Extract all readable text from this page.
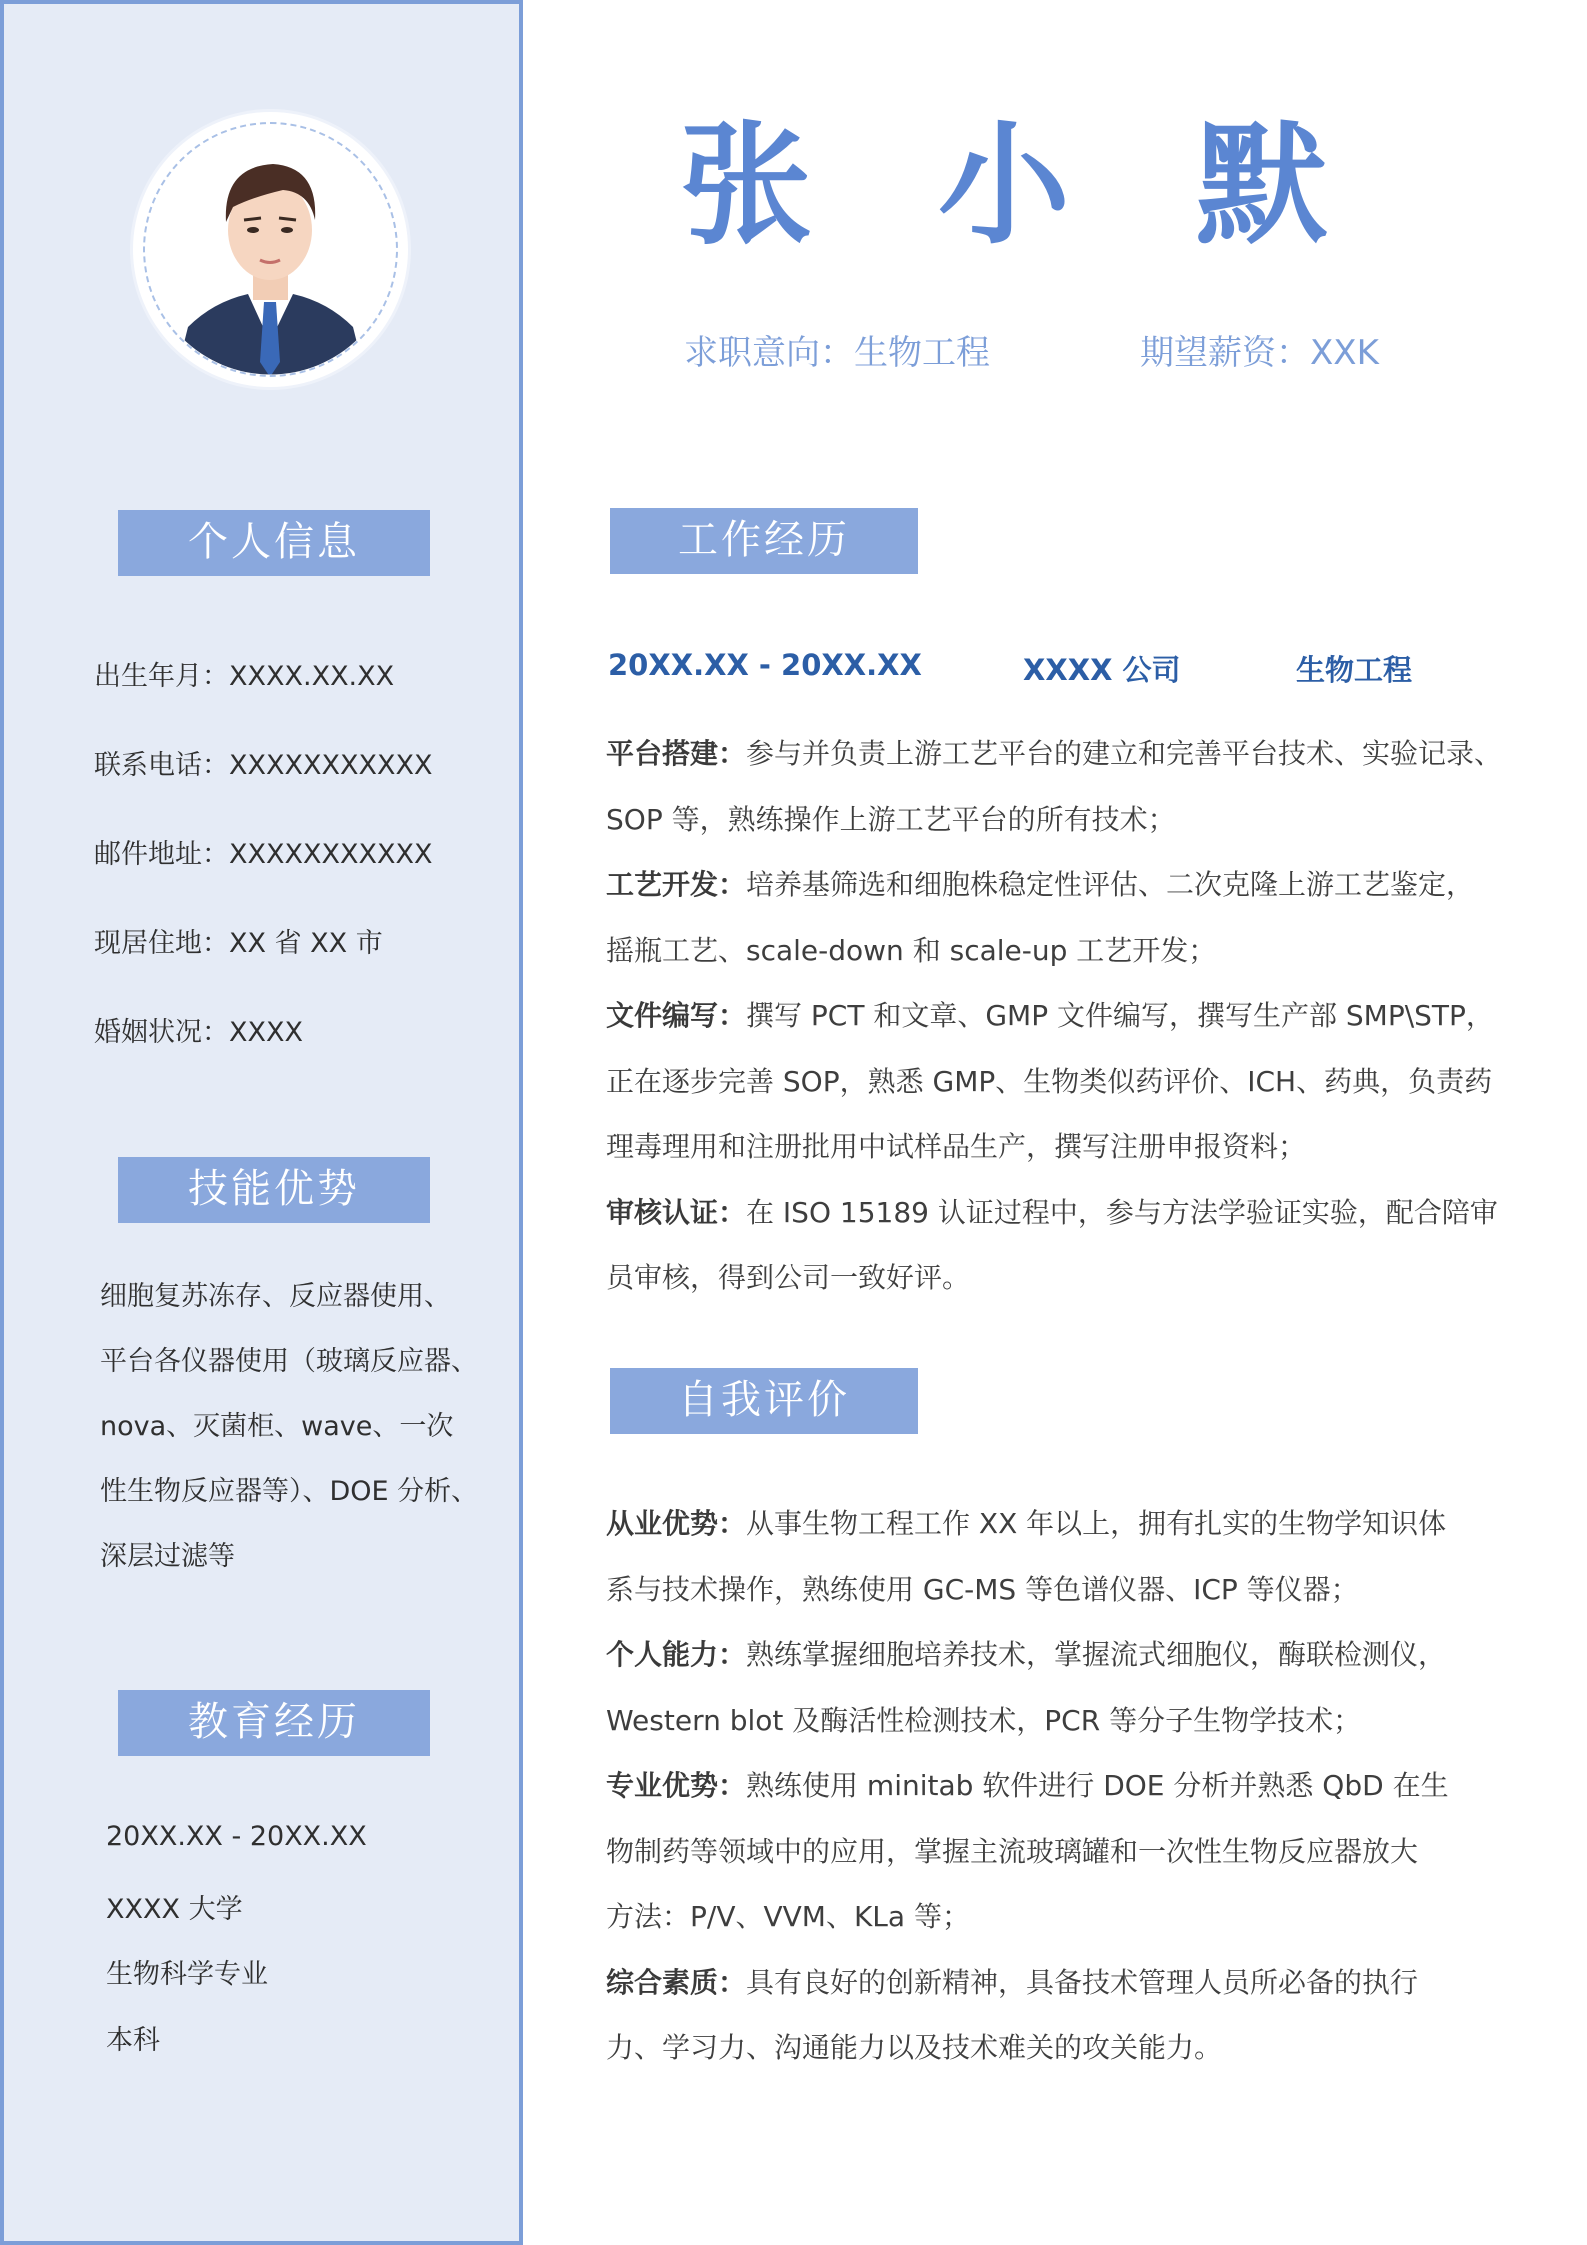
个人信息
出生年月：XXXX.XX.XX
联系电话：XXXXXXXXXXX
邮件地址：XXXXXXXXXXX
现居住地：XX 省 XX 市
婚姻状况：XXXX
技能优势
细胞复苏冻存、反应器使用、
平台各仪器使用（玻璃反应器、
nova、灭菌柜、wave、一次
性生物反应器等）、DOE 分析、
深层过滤等
教育经历
20XX.XX - 20XX.XX
XXXX 大学
生物科学专业
本科
张 小 默
求职意向：生物工程	期望薪资：XXK
工作经历
20XX.XX - 20XX.XX	XXXX 公司	生物工程

平台搭建：参与并负责上游工艺平台的建立和完善平台技术、实验记录、

SOP 等，熟练操作上游工艺平台的所有技术；

工艺开发：培养基筛选和细胞株稳定性评估、二次克隆上游工艺鉴定，

摇瓶工艺、scale-down 和 scale-up 工艺开发；

文件编写：撰写 PCT 和文章、GMP 文件编写，撰写生产部 SMP\STP，

正在逐步完善 SOP，熟悉 GMP、生物类似药评价、ICH、药典，负责药

理毒理用和注册批用中试样品生产，撰写注册申报资料；

审核认证：在 ISO 15189 认证过程中，参与方法学验证实验，配合陪审

员审核，得到公司一致好评。

自我评价

从业优势：从事生物工程工作 XX 年以上，拥有扎实的生物学知识体

系与技术操作，熟练使用 GC-MS 等色谱仪器、ICP 等仪器；

个人能力：熟练掌握细胞培养技术，掌握流式细胞仪，酶联检测仪，

Western blot 及酶活性检测技术，PCR 等分子生物学技术；

专业优势：熟练使用 minitab 软件进行 DOE 分析并熟悉 QbD 在生

物制药等领域中的应用，掌握主流玻璃罐和一次性生物反应器放大

方法：P/V、VVM、KLa 等；

综合素质：具有良好的创新精神，具备技术管理人员所必备的执行

力、学习力、沟通能力以及技术难关的攻关能力。
